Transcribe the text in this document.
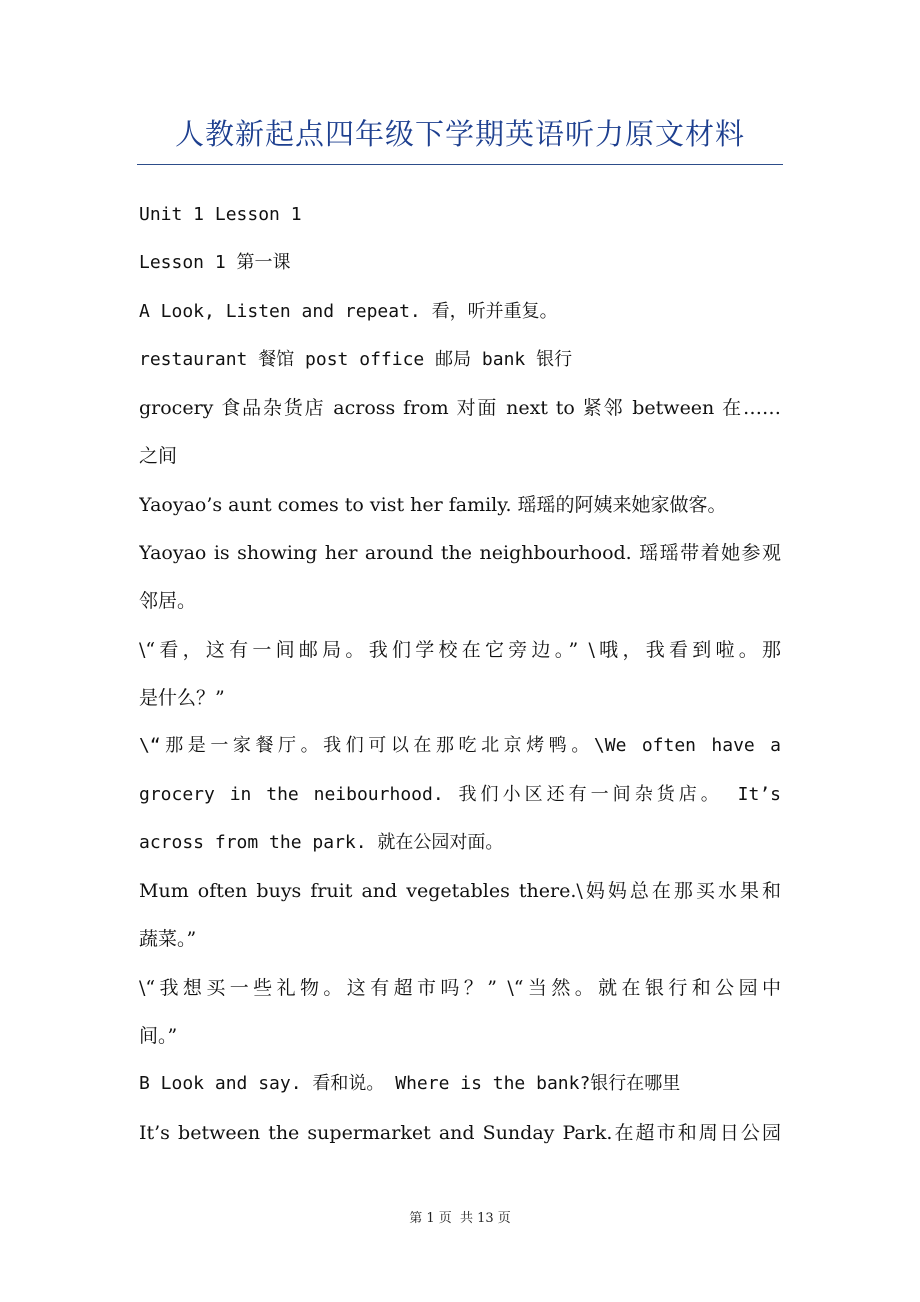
人教新起点四年级下学期英语听力原文材料
Unit 1 Lesson 1
Lesson 1 第一课
A Look, Listen and repeat. 看，听并重复。
restaurant 餐馆 post office 邮局 bank 银行
grocery 食品杂货店 across from 对面 next to 紧邻 between 在……
之间
Yaoyao’s aunt comes to vist her family. 瑶瑶的阿姨来她家做客。
Yaoyao is showing her around the neighbourhood. 瑶瑶带着她参观
邻居。
\“看，这有一间邮局。我们学校在它旁边。” \哦，我看到啦。那
是什么？”
\“那是一家餐厅。我们可以在那吃北京烤鸭。\We often have a
grocery in the neibourhood. 我们小区还有一间杂货店。 It’s
across from the park. 就在公园对面。
Mum often buys fruit and vegetables there.\妈妈总在那买水果和
蔬菜。”
\“我想买一些礼物。这有超市吗？” \“当然。就在银行和公园中
间。”
B Look and say. 看和说。 Where is the bank?银行在哪里
It’s between the supermarket and Sunday Park.在超市和周日公园
第 1 页 共 13 页
